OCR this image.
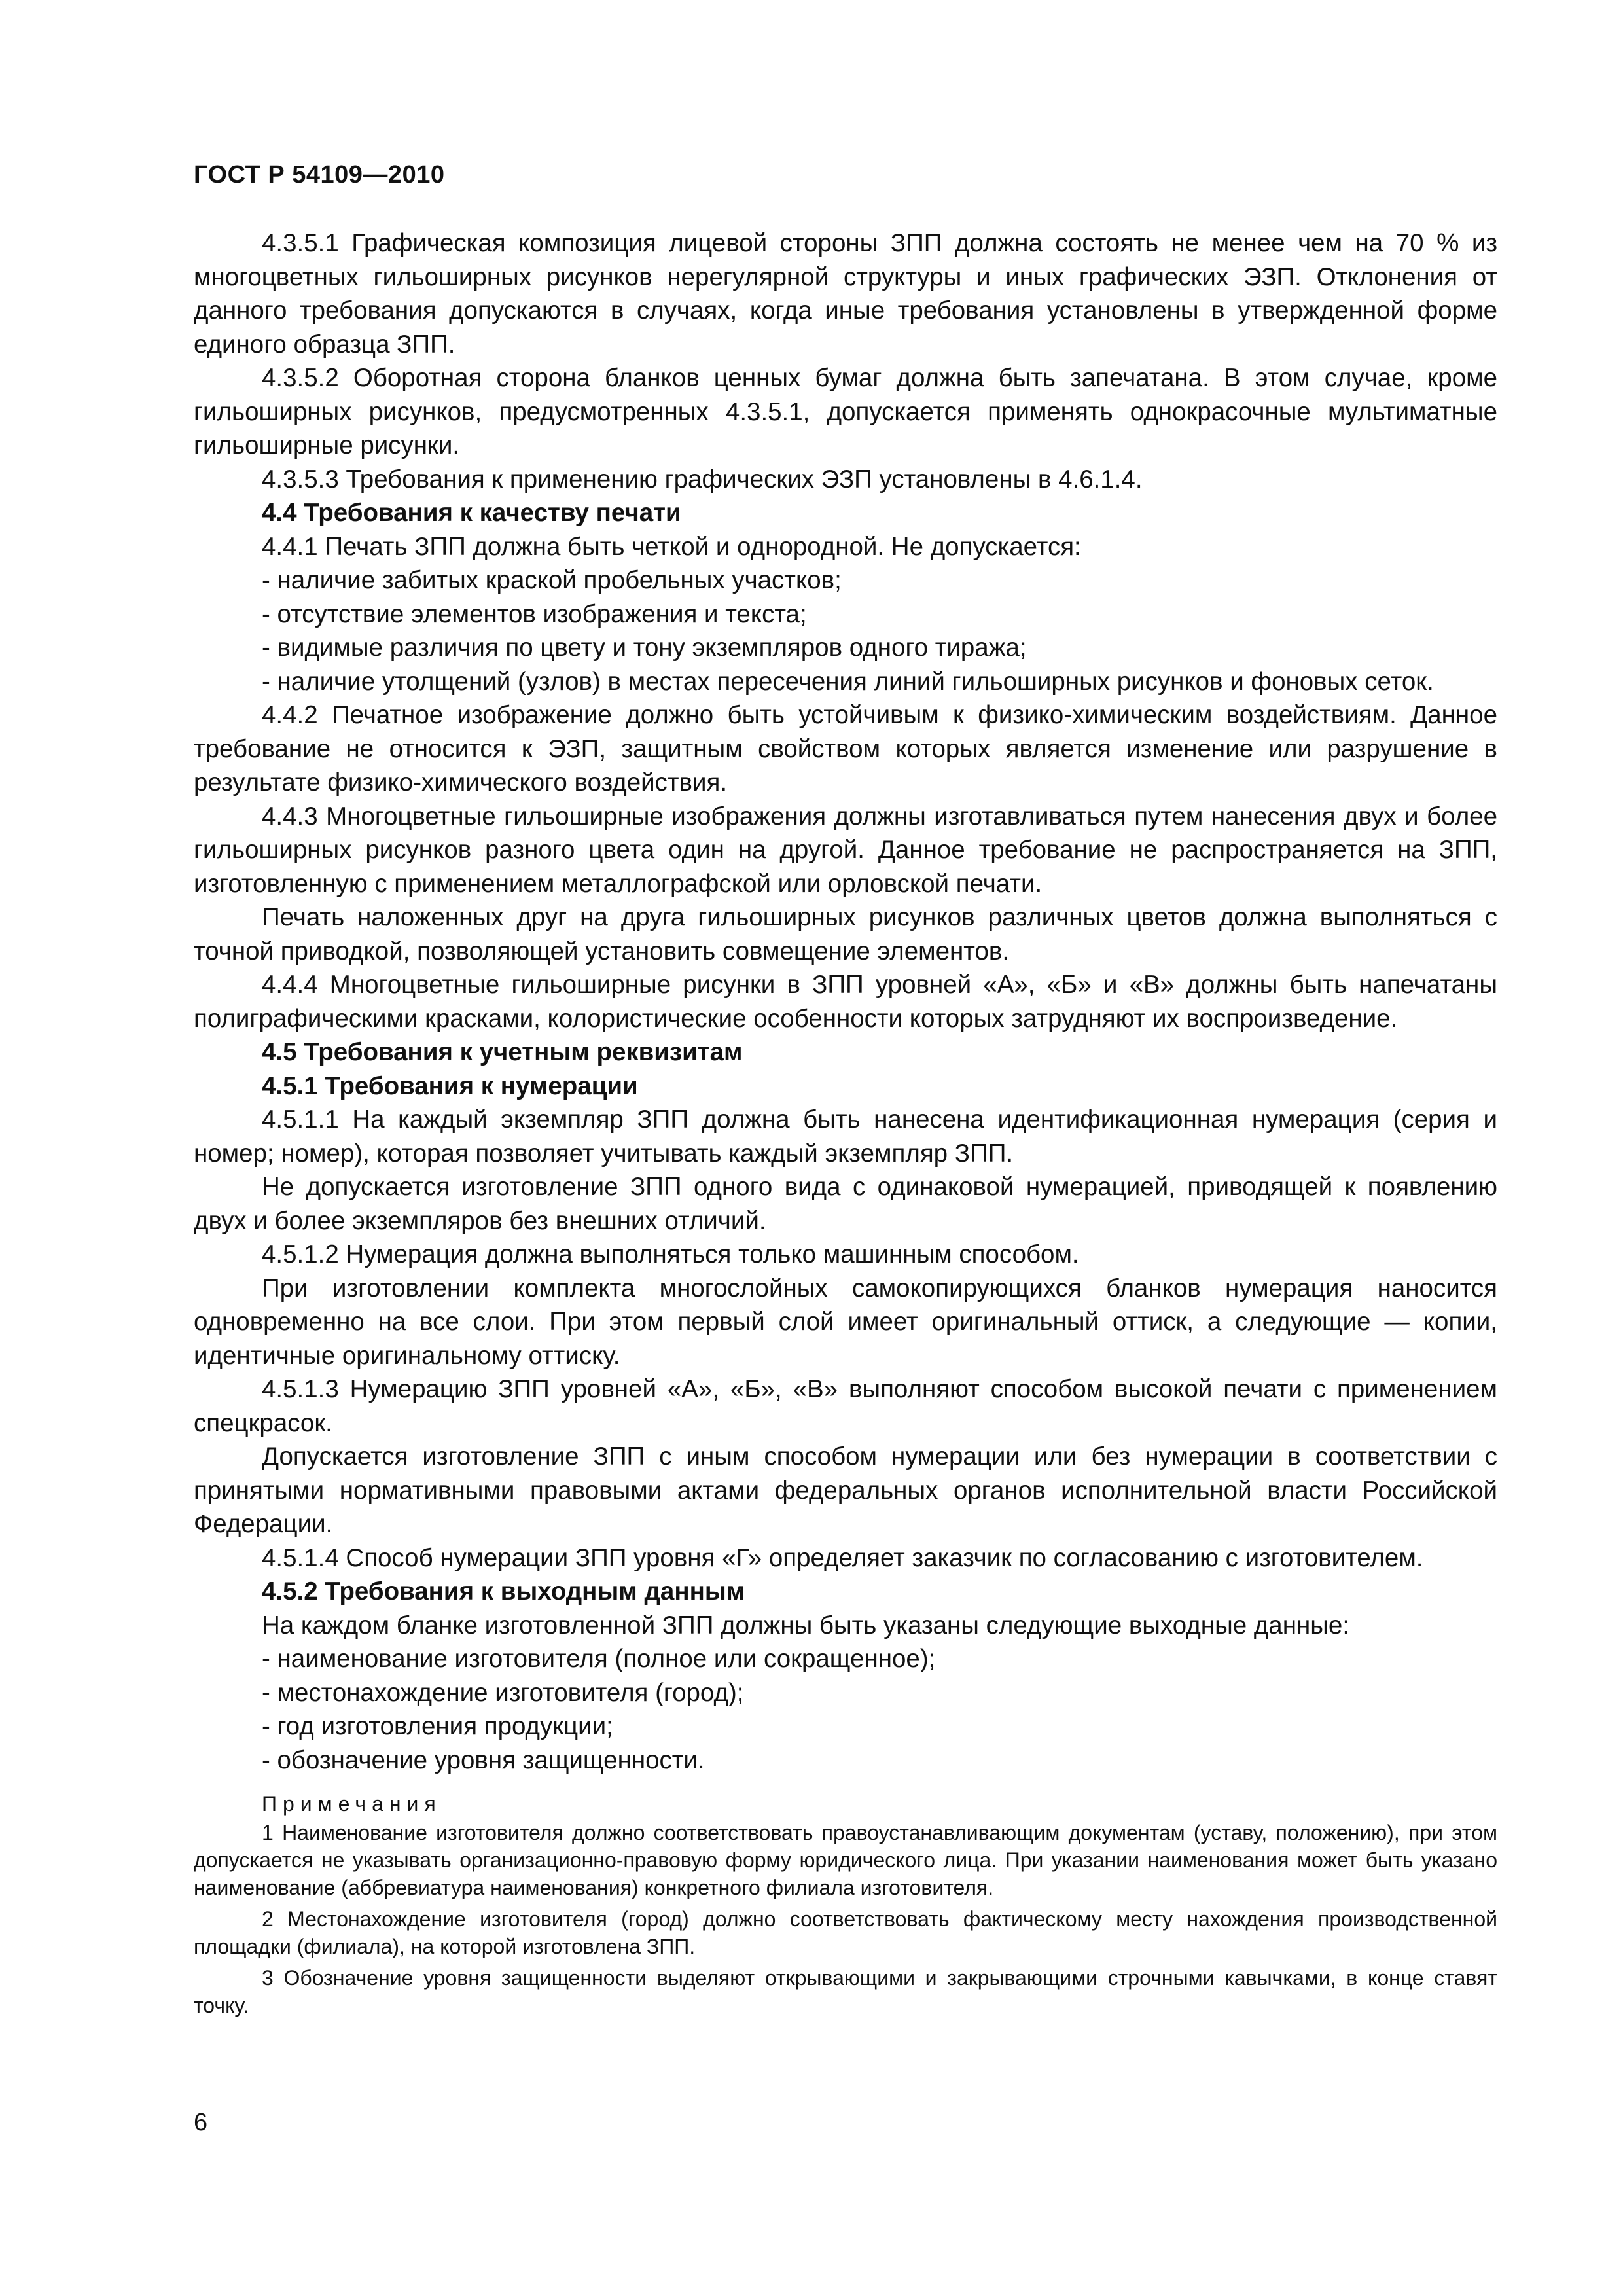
ГОСТ Р 54109—2010

4.3.5.1 Графическая композиция лицевой стороны ЗПП должна состоять не менее чем на 70 % из многоцветных гильоширных рисунков нерегулярной структуры и иных графических ЭЗП. Отклонения от данного требования допускаются в случаях, когда иные требования установлены в утвержденной форме единого образца ЗПП.

4.3.5.2 Оборотная сторона бланков ценных бумаг должна быть запечатана. В этом случае, кроме гильоширных рисунков, предусмотренных 4.3.5.1, допускается применять однокрасочные мультиматные гильоширные рисунки.

4.3.5.3 Требования к применению графических ЭЗП установлены в 4.6.1.4.

4.4 Требования к качеству печати

4.4.1 Печать ЗПП должна быть четкой и однородной. Не допускается:

- наличие забитых краской пробельных участков;

- отсутствие элементов изображения и текста;

- видимые различия по цвету и тону экземпляров одного тиража;

- наличие утолщений (узлов) в местах пересечения линий гильоширных рисунков и фоновых сеток.

4.4.2 Печатное изображение должно быть устойчивым к физико-химическим воздействиям. Данное требование не относится к ЭЗП, защитным свойством которых является изменение или разрушение в результате физико-химического воздействия.

4.4.3 Многоцветные гильоширные изображения должны изготавливаться путем нанесения двух и более гильоширных рисунков разного цвета один на другой. Данное требование не распространяется на ЗПП, изготовленную с применением металлографской или орловской печати.

Печать наложенных друг на друга гильоширных рисунков различных цветов должна выполняться с точной приводкой, позволяющей установить совмещение элементов.

4.4.4 Многоцветные гильоширные рисунки в ЗПП уровней «А», «Б» и «В» должны быть напечатаны полиграфическими красками, колористические особенности которых затрудняют их воспроизведение.

4.5 Требования к учетным реквизитам

4.5.1 Требования к нумерации

4.5.1.1 На каждый экземпляр ЗПП должна быть нанесена идентификационная нумерация (серия и номер; номер), которая позволяет учитывать каждый экземпляр ЗПП.

Не допускается изготовление ЗПП одного вида с одинаковой нумерацией, приводящей к появлению двух и более экземпляров без внешних отличий.

4.5.1.2 Нумерация должна выполняться только машинным способом.

При изготовлении комплекта многослойных самокопирующихся бланков нумерация наносится одновременно на все слои. При этом первый слой имеет оригинальный оттиск, а следующие — копии, идентичные оригинальному оттиску.

4.5.1.3 Нумерацию ЗПП уровней «А», «Б», «В» выполняют способом высокой печати с применением спецкрасок.

Допускается изготовление ЗПП с иным способом нумерации или без нумерации в соответствии с принятыми нормативными правовыми актами федеральных органов исполнительной власти Российской Федерации.

4.5.1.4 Способ нумерации ЗПП уровня «Г» определяет заказчик по согласованию с изготовителем.

4.5.2 Требования к выходным данным

На каждом бланке изготовленной ЗПП должны быть указаны следующие выходные данные:

- наименование изготовителя (полное или сокращенное);

- местонахождение изготовителя (город);

- год изготовления продукции;

- обозначение уровня защищенности.

Примечания

1 Наименование изготовителя должно соответствовать правоустанавливающим документам (уставу, положению), при этом допускается не указывать организационно-правовую форму юридического лица. При указании наименования может быть указано наименование (аббревиатура наименования) конкретного филиала изготовителя.

2 Местонахождение изготовителя (город) должно соответствовать фактическому месту нахождения производственной площадки (филиала), на которой изготовлена ЗПП.

3 Обозначение уровня защищенности выделяют открывающими и закрывающими строчными кавычками, в конце ставят точку.

6
